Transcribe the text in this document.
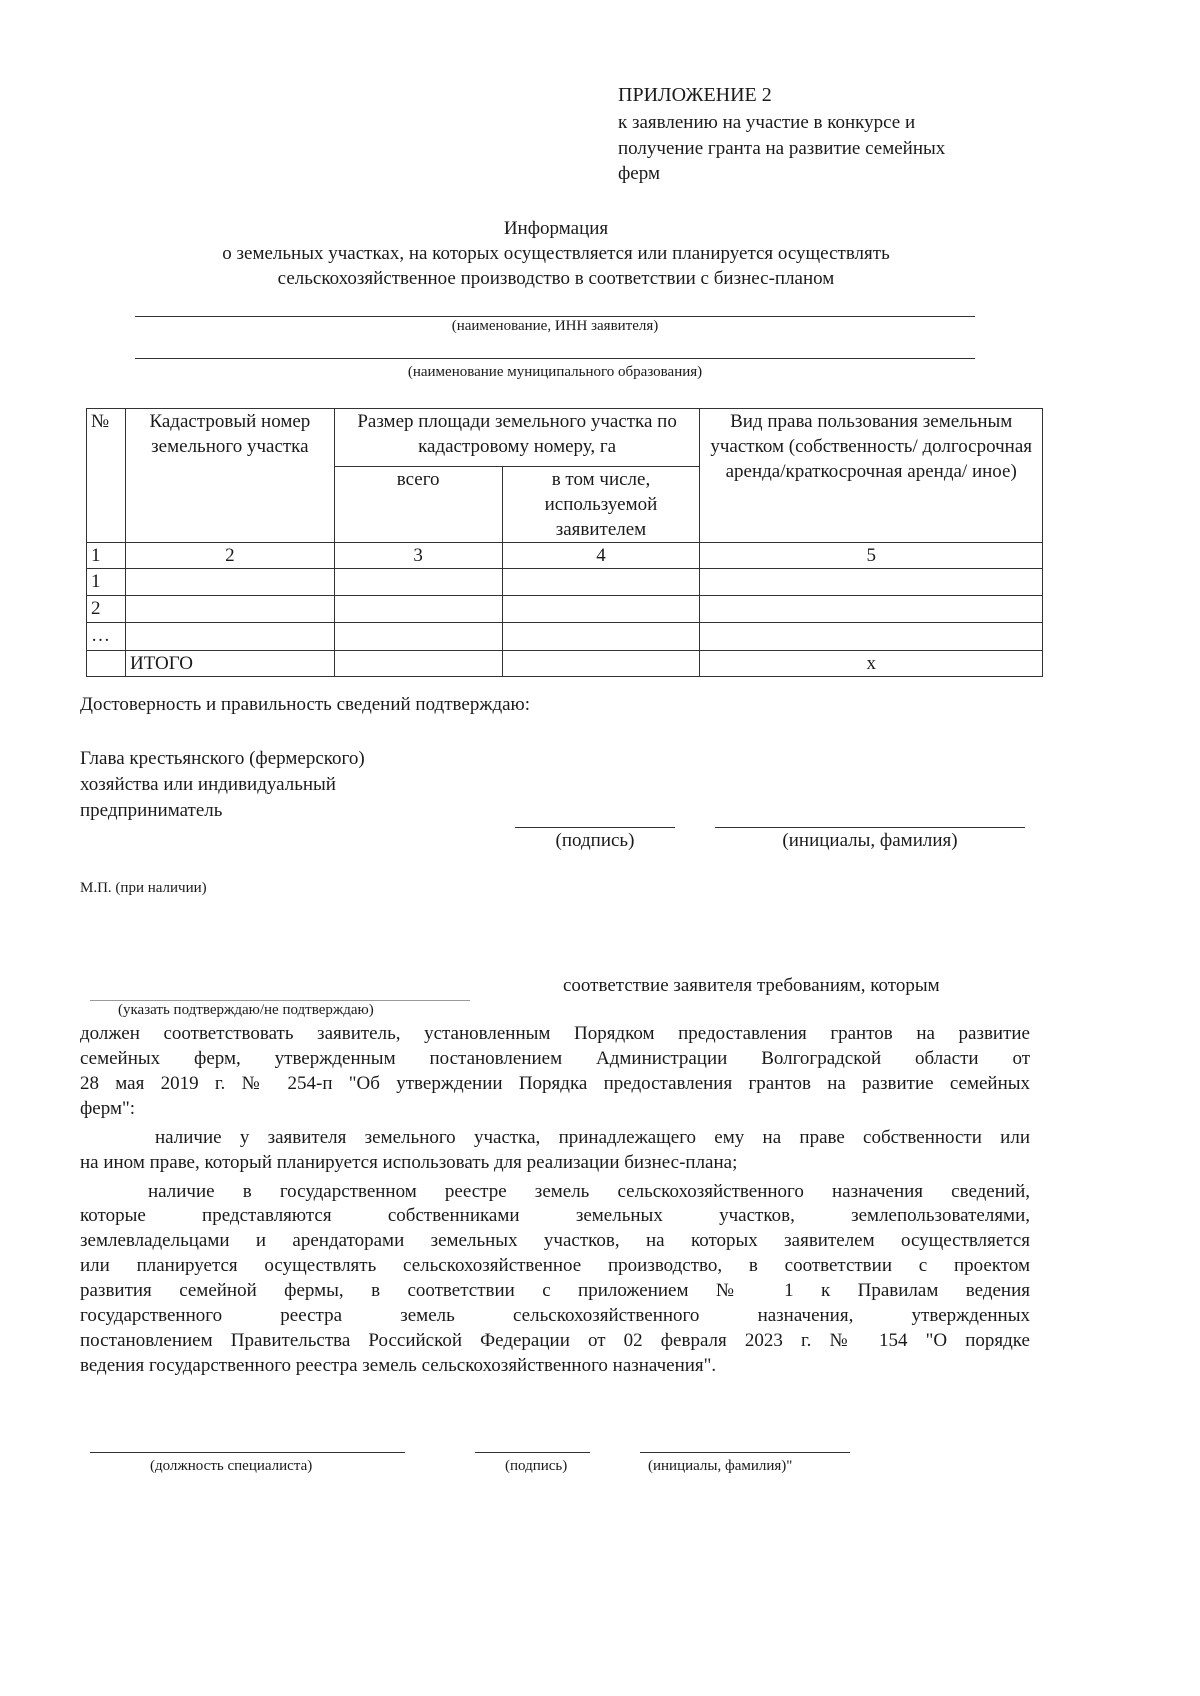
ПРИЛОЖЕНИЕ 2
к заявлению на участие в конкурсе и
получение гранта на развитие семейных
ферм
Информация
о земельных участках, на которых осуществляется или планируется осуществлять
сельскохозяйственное производство в соответствии с бизнес-планом
(наименование, ИНН заявителя)
(наименование муниципального образования)
№	Кадастровый номер земельного участка	Размер площади земельного участка по кадастровому номеру, га		Вид права пользования земельным участком (собственность/ долгосрочная аренда/краткосрочная аренда/ иное)
		всего	в том числе, используемой заявителем	
1	2	3	4	5
1				
2				
…				
	ИТОГО			x
Достоверность и правильность сведений подтверждаю:
Глава крестьянского (фермерского)
хозяйства или индивидуальный
предприниматель
(подпись)	(инициалы, фамилия)
М.П. (при наличии)
(указать подтверждаю/не подтверждаю)
соответствие заявителя требованиям, которым
должен соответствовать заявитель, установленным Порядком предоставления грантов на развитие
семейных ферм, утвержденным постановлением Администрации Волгоградской области от
28 мая 2019 г. № 254-п "Об утверждении Порядка предоставления грантов на развитие семейных
ферм":
наличие у заявителя земельного участка, принадлежащего ему на праве собственности или
на ином праве, который планируется использовать для реализации бизнес-плана;
наличие в государственном реестре земель сельскохозяйственного назначения сведений,
которые представляются собственниками земельных участков, землепользователями,
землевладельцами и арендаторами земельных участков, на которых заявителем осуществляется
или планируется осуществлять сельскохозяйственное производство, в соответствии с проектом
развития семейной фермы, в соответствии с приложением № 1 к Правилам ведения
государственного реестра земель сельскохозяйственного назначения, утвержденных
постановлением Правительства Российской Федерации от 02 февраля 2023 г. № 154 "О порядке
ведения государственного реестра земель сельскохозяйственного назначения".
(должность специалиста)	(подпись)	(инициалы, фамилия)"
